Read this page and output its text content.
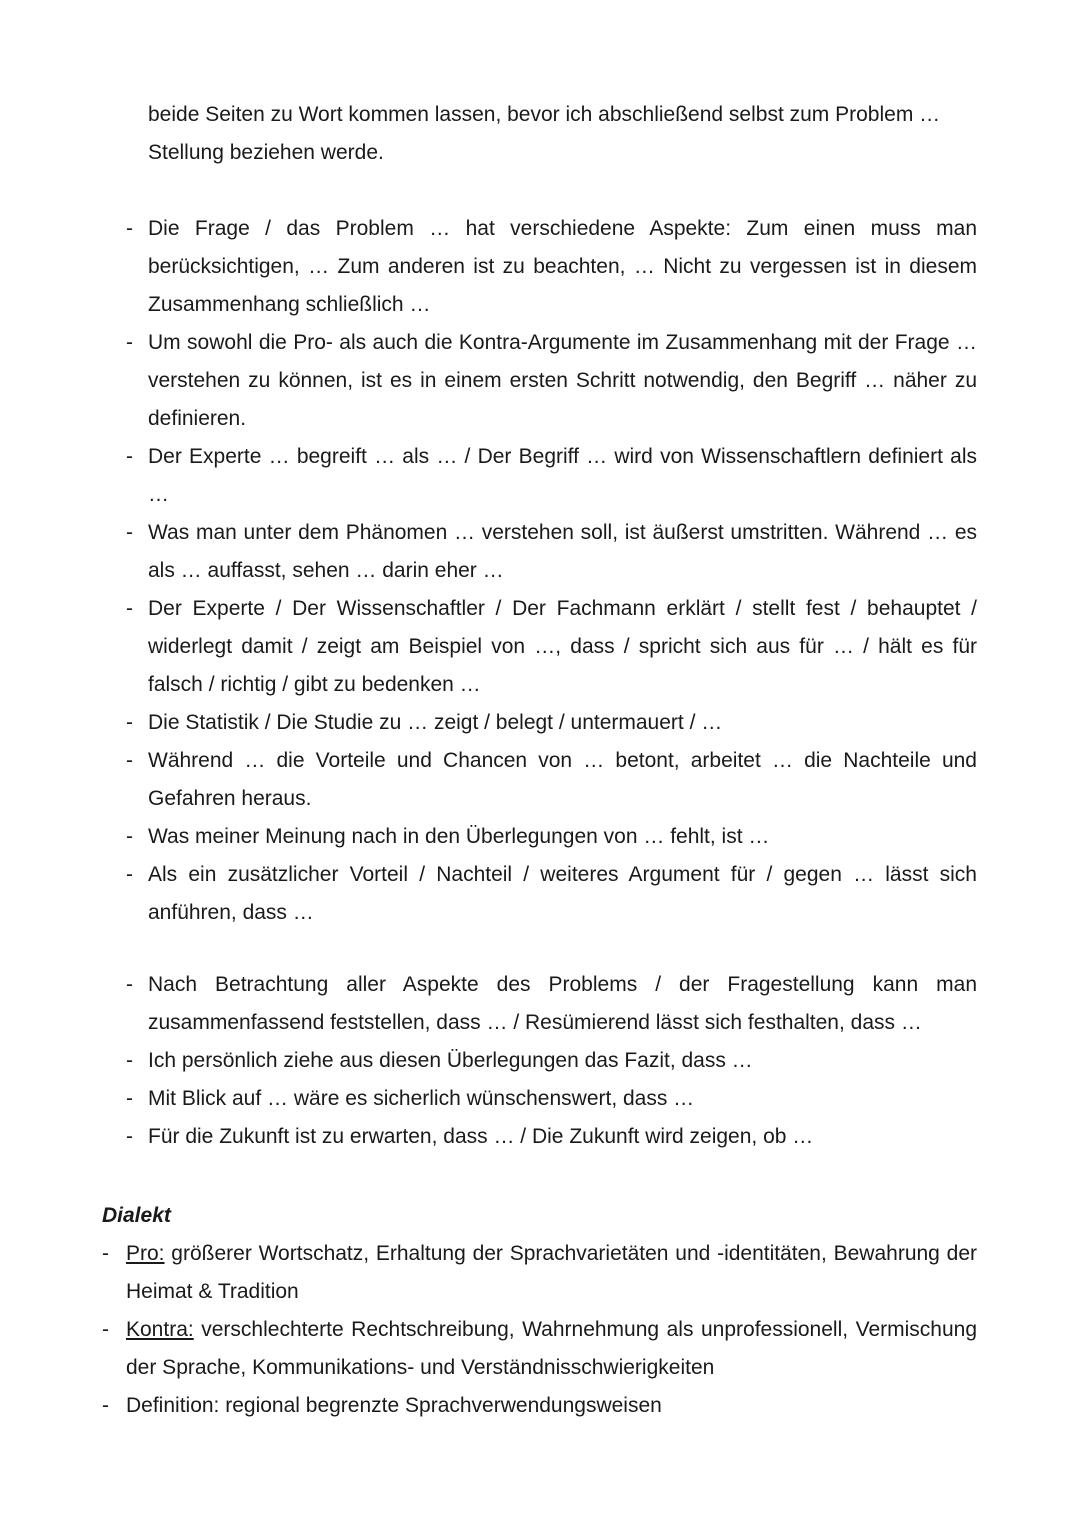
beide Seiten zu Wort kommen lassen, bevor ich abschließend selbst zum Problem …
Stellung beziehen werde.

- Die Frage / das Problem … hat verschiedene Aspekte: Zum einen muss man berücksichtigen, … Zum anderen ist zu beachten, … Nicht zu vergessen ist in diesem Zusammenhang schließlich …
- Um sowohl die Pro- als auch die Kontra-Argumente im Zusammenhang mit der Frage … verstehen zu können, ist es in einem ersten Schritt notwendig, den Begriff … näher zu definieren.
- Der Experte … begreift … als … / Der Begriff … wird von Wissenschaftlern definiert als …
- Was man unter dem Phänomen … verstehen soll, ist äußerst umstritten. Während … es als … auffasst, sehen … darin eher …
- Der Experte / Der Wissenschaftler / Der Fachmann erklärt / stellt fest / behauptet / widerlegt damit / zeigt am Beispiel von …, dass / spricht sich aus für … / hält es für falsch / richtig / gibt zu bedenken …
- Die Statistik / Die Studie zu … zeigt / belegt / untermauert / …
- Während … die Vorteile und Chancen von … betont, arbeitet … die Nachteile und Gefahren heraus.
- Was meiner Meinung nach in den Überlegungen von … fehlt, ist …
- Als ein zusätzlicher Vorteil / Nachteil / weiteres Argument für / gegen … lässt sich anführen, dass …
- Nach Betrachtung aller Aspekte des Problems / der Fragestellung kann man zusammenfassend feststellen, dass … / Resümierend lässt sich festhalten, dass …
- Ich persönlich ziehe aus diesen Überlegungen das Fazit, dass …
- Mit Blick auf … wäre es sicherlich wünschenswert, dass …
- Für die Zukunft ist zu erwarten, dass … / Die Zukunft wird zeigen, ob …
Dialekt
- Pro: größerer Wortschatz, Erhaltung der Sprachvarietäten und -identitäten, Bewahrung der Heimat & Tradition
- Kontra: verschlechterte Rechtschreibung, Wahrnehmung als unprofessionell, Vermischung der Sprache, Kommunikations- und Verständnisschwierigkeiten
- Definition: regional begrenzte Sprachverwendungsweisen
